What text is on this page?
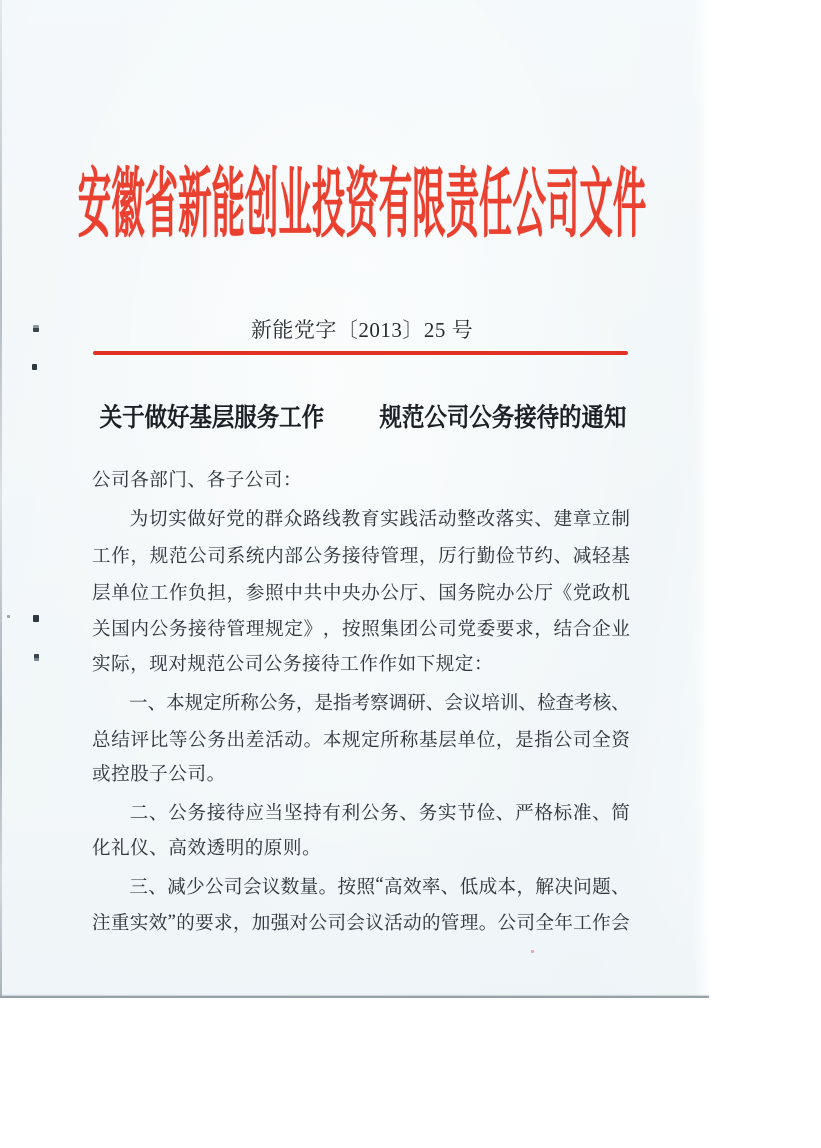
安徽省新能创业投资有限责任公司文件
新能党字〔2013〕25 号
关于做好基层服务工作 规范公司公务接待的通知
公司各部门、各子公司：
为 切 实 做 好 党 的 群 众 路 线 教 育 实 践 活 动 整 改 落 实 、 建 章 立 制
工 作 ， 规 范 公 司 系 统 内 部 公 务 接 待 管 理 ， 厉 行 勤 俭 节 约 、 减 轻 基
层 单 位 工 作 负 担 ， 参 照 中 共 中 央 办 公 厅 、 国 务 院 办 公 厅 《 党 政 机
关 国 内 公 务 接 待 管 理 规 定 》 ， 按 照 集 团 公 司 党 委 要 求 ， 结 合 企 业
实际，现对规范公司公务接待工作作如下规定：
一 、 本 规 定 所 称 公 务 ， 是 指 考 察 调 研 、 会 议 培 训 、 检 查 考 核 、
总 结 评 比 等 公 务 出 差 活 动 。 本 规 定 所 称 基 层 单 位 ， 是 指 公 司 全 资
或控股子公司。
二 、 公 务 接 待 应 当 坚 持 有 利 公 务 、 务 实 节 俭 、 严 格 标 准 、 简
化礼仪、高效透明的原则。
三 、 减 少 公 司 会 议 数 量 。 按 照 “ 高 效 率 、 低 成 本 ， 解 决 问 题 、
注 重 实 效 ” 的 要 求 ， 加 强 对 公 司 会 议 活 动 的 管 理 。 公 司 全 年 工 作 会
